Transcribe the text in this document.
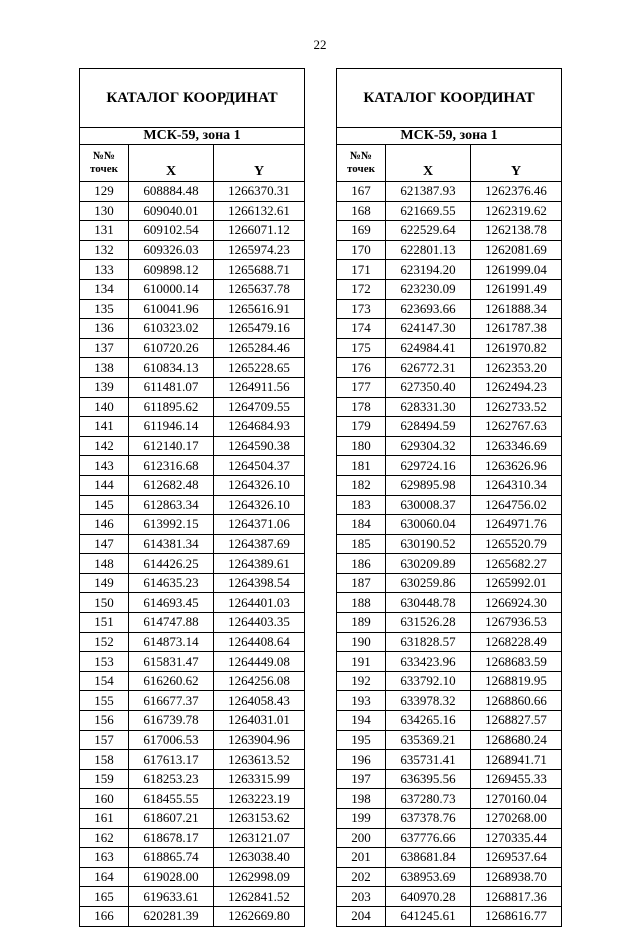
22
КАТАЛОГ КООРДИНАТ		
МСК-59, зона 1		
№№
точек	X	Y
129	608884.48	1266370.31
130	609040.01	1266132.61
131	609102.54	1266071.12
132	609326.03	1265974.23
133	609898.12	1265688.71
134	610000.14	1265637.78
135	610041.96	1265616.91
136	610323.02	1265479.16
137	610720.26	1265284.46
138	610834.13	1265228.65
139	611481.07	1264911.56
140	611895.62	1264709.55
141	611946.14	1264684.93
142	612140.17	1264590.38
143	612316.68	1264504.37
144	612682.48	1264326.10
145	612863.34	1264326.10
146	613992.15	1264371.06
147	614381.34	1264387.69
148	614426.25	1264389.61
149	614635.23	1264398.54
150	614693.45	1264401.03
151	614747.88	1264403.35
152	614873.14	1264408.64
153	615831.47	1264449.08
154	616260.62	1264256.08
155	616677.37	1264058.43
156	616739.78	1264031.01
157	617006.53	1263904.96
158	617613.17	1263613.52
159	618253.23	1263315.99
160	618455.55	1263223.19
161	618607.21	1263153.62
162	618678.17	1263121.07
163	618865.74	1263038.40
164	619028.00	1262998.09
165	619633.61	1262841.52
166	620281.39	1262669.80
КАТАЛОГ КООРДИНАТ		
МСК-59, зона 1		
№№
точек	X	Y
167	621387.93	1262376.46
168	621669.55	1262319.62
169	622529.64	1262138.78
170	622801.13	1262081.69
171	623194.20	1261999.04
172	623230.09	1261991.49
173	623693.66	1261888.34
174	624147.30	1261787.38
175	624984.41	1261970.82
176	626772.31	1262353.20
177	627350.40	1262494.23
178	628331.30	1262733.52
179	628494.59	1262767.63
180	629304.32	1263346.69
181	629724.16	1263626.96
182	629895.98	1264310.34
183	630008.37	1264756.02
184	630060.04	1264971.76
185	630190.52	1265520.79
186	630209.89	1265682.27
187	630259.86	1265992.01
188	630448.78	1266924.30
189	631526.28	1267936.53
190	631828.57	1268228.49
191	633423.96	1268683.59
192	633792.10	1268819.95
193	633978.32	1268860.66
194	634265.16	1268827.57
195	635369.21	1268680.24
196	635731.41	1268941.71
197	636395.56	1269455.33
198	637280.73	1270160.04
199	637378.76	1270268.00
200	637776.66	1270335.44
201	638681.84	1269537.64
202	638953.69	1268938.70
203	640970.28	1268817.36
204	641245.61	1268616.77
